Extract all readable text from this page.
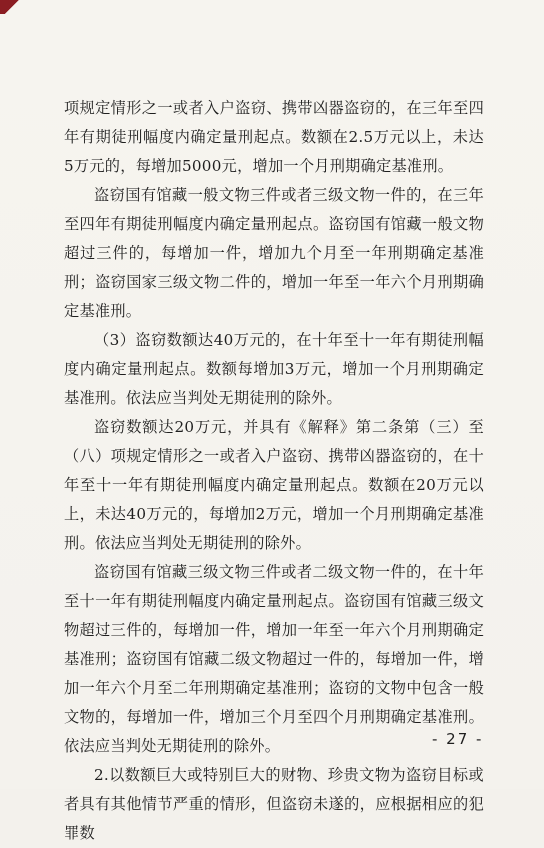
项规定情形之一或者入户盗窃、携带凶器盗窃的，在三年至四年有期徒刑幅度内确定量刑起点。数额在2.5万元以上，未达5万元的，每增加5000元，增加一个月刑期确定基准刑。

盗窃国有馆藏一般文物三件或者三级文物一件的，在三年至四年有期徒刑幅度内确定量刑起点。盗窃国有馆藏一般文物超过三件的，每增加一件，增加九个月至一年刑期确定基准刑；盗窃国家三级文物二件的，增加一年至一年六个月刑期确定基准刑。

（3）盗窃数额达40万元的，在十年至十一年有期徒刑幅度内确定量刑起点。数额每增加3万元，增加一个月刑期确定基准刑。依法应当判处无期徒刑的除外。

盗窃数额达20万元，并具有《解释》第二条第（三）至（八）项规定情形之一或者入户盗窃、携带凶器盗窃的，在十年至十一年有期徒刑幅度内确定量刑起点。数额在20万元以上，未达40万元的，每增加2万元，增加一个月刑期确定基准刑。依法应当判处无期徒刑的除外。

盗窃国有馆藏三级文物三件或者二级文物一件的，在十年至十一年有期徒刑幅度内确定量刑起点。盗窃国有馆藏三级文物超过三件的，每增加一件，增加一年至一年六个月刑期确定基准刑；盗窃国有馆藏二级文物超过一件的，每增加一件，增加一年六个月至二年刑期确定基准刑；盗窃的文物中包含一般文物的，每增加一件，增加三个月至四个月刑期确定基准刑。依法应当判处无期徒刑的除外。

2.以数额巨大或特别巨大的财物、珍贵文物为盗窃目标或者具有其他情节严重的情形，但盗窃未遂的，应根据相应的犯罪数

- 27 -
